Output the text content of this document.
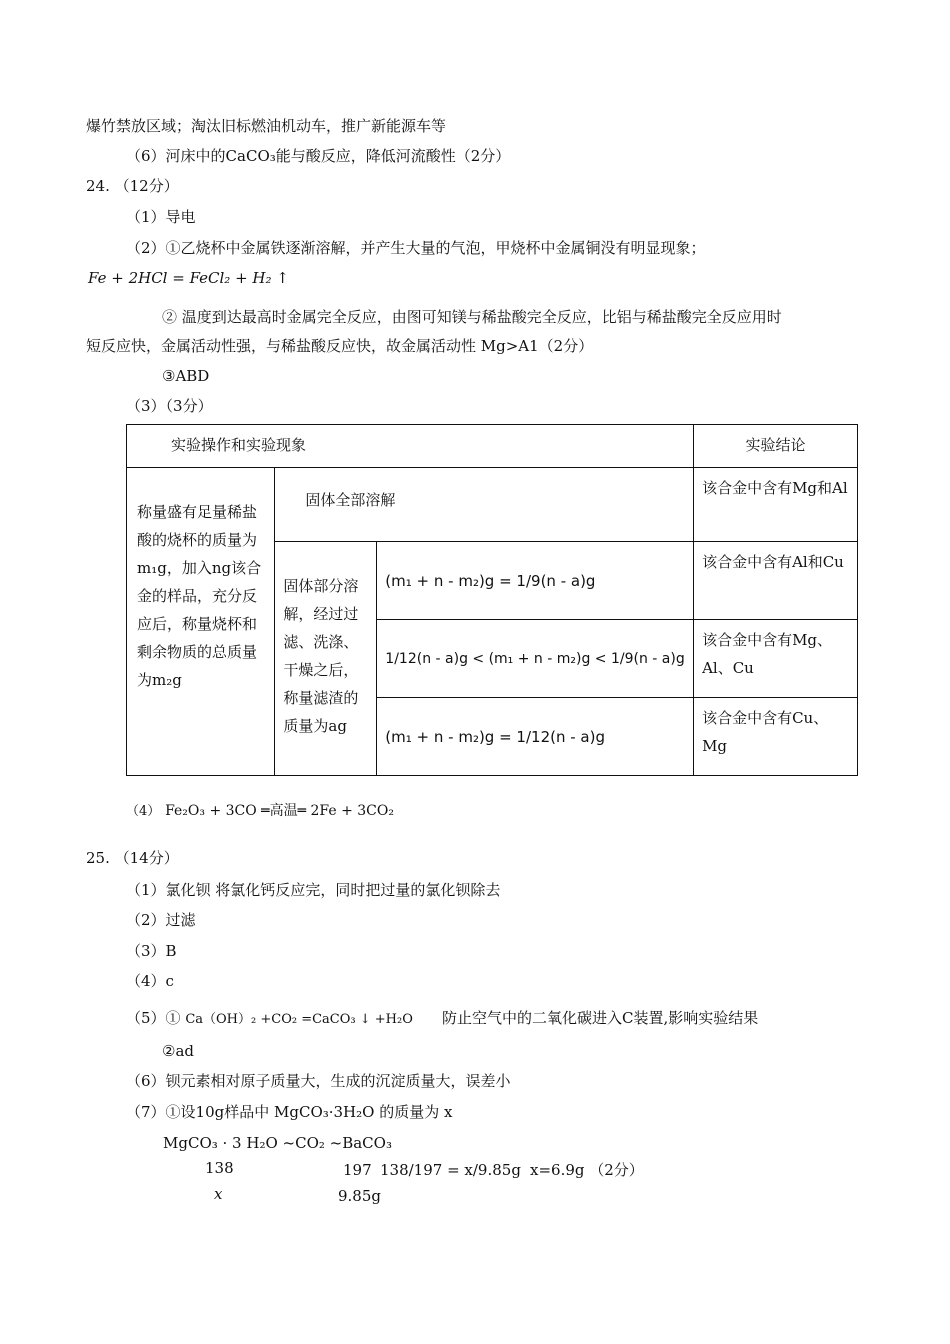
爆竹禁放区域；淘汰旧标燃油机动车，推广新能源车等
（6）河床中的CaCO₃能与酸反应，降低河流酸性（2分）
24. （12分）
（1）导电
（2）①乙烧杯中金属铁逐渐溶解，并产生大量的气泡，甲烧杯中金属铜没有明显现象；
Fe + 2HCl = FeCl₂ + H₂ ↑
② 温度到达最高时金属完全反应，由图可知镁与稀盐酸完全反应，比铝与稀盐酸完全反应用时
短反应快，金属活动性强，与稀盐酸反应快，故金属活动性 Mg>A1（2分）
③ABD
（3）（3分）
实验操作和实验现象			实验结论
称量盛有足量稀盐酸的烧杯的质量为m₁g，加入ng该合金的样品，充分反应后，称量烧杯和剩余物质的总质量为m₂g	固体全部溶解		该合金中含有Mg和Al
	固体部分溶解，经过过滤、洗涤、干燥之后，称量滤渣的质量为ag	(m₁ + n - m₂)g = 1/9(n - a)g	该合金中含有Al和Cu
		1/12(n - a)g < (m₁ + n - m₂)g < 1/9(n - a)g	该合金中含有Mg、Al、Cu
		(m₁ + n - m₂)g = 1/12(n - a)g	该合金中含有Cu、Mg
（4） Fe₂O₃ + 3CO ═高温═ 2Fe + 3CO₂
25. （14分）
（1）氯化钡 将氯化钙反应完，同时把过量的氯化钡除去
（2）过滤
（3）B
（4）c
（5）① Ca（OH）₂ +CO₂ =CaCO₃ ↓ +H₂O 防止空气中的二氧化碳进入C装置,影响实验结果
②ad
（6）钡元素相对原子质量大，生成的沉淀质量大，误差小
（7）①设10g样品中 MgCO₃·3H₂O 的质量为 x
MgCO₃ · 3 H₂O ~CO₂ ~BaCO₃
138
x
197
9.85g
138/197 = x/9.85g x=6.9g （2分）
